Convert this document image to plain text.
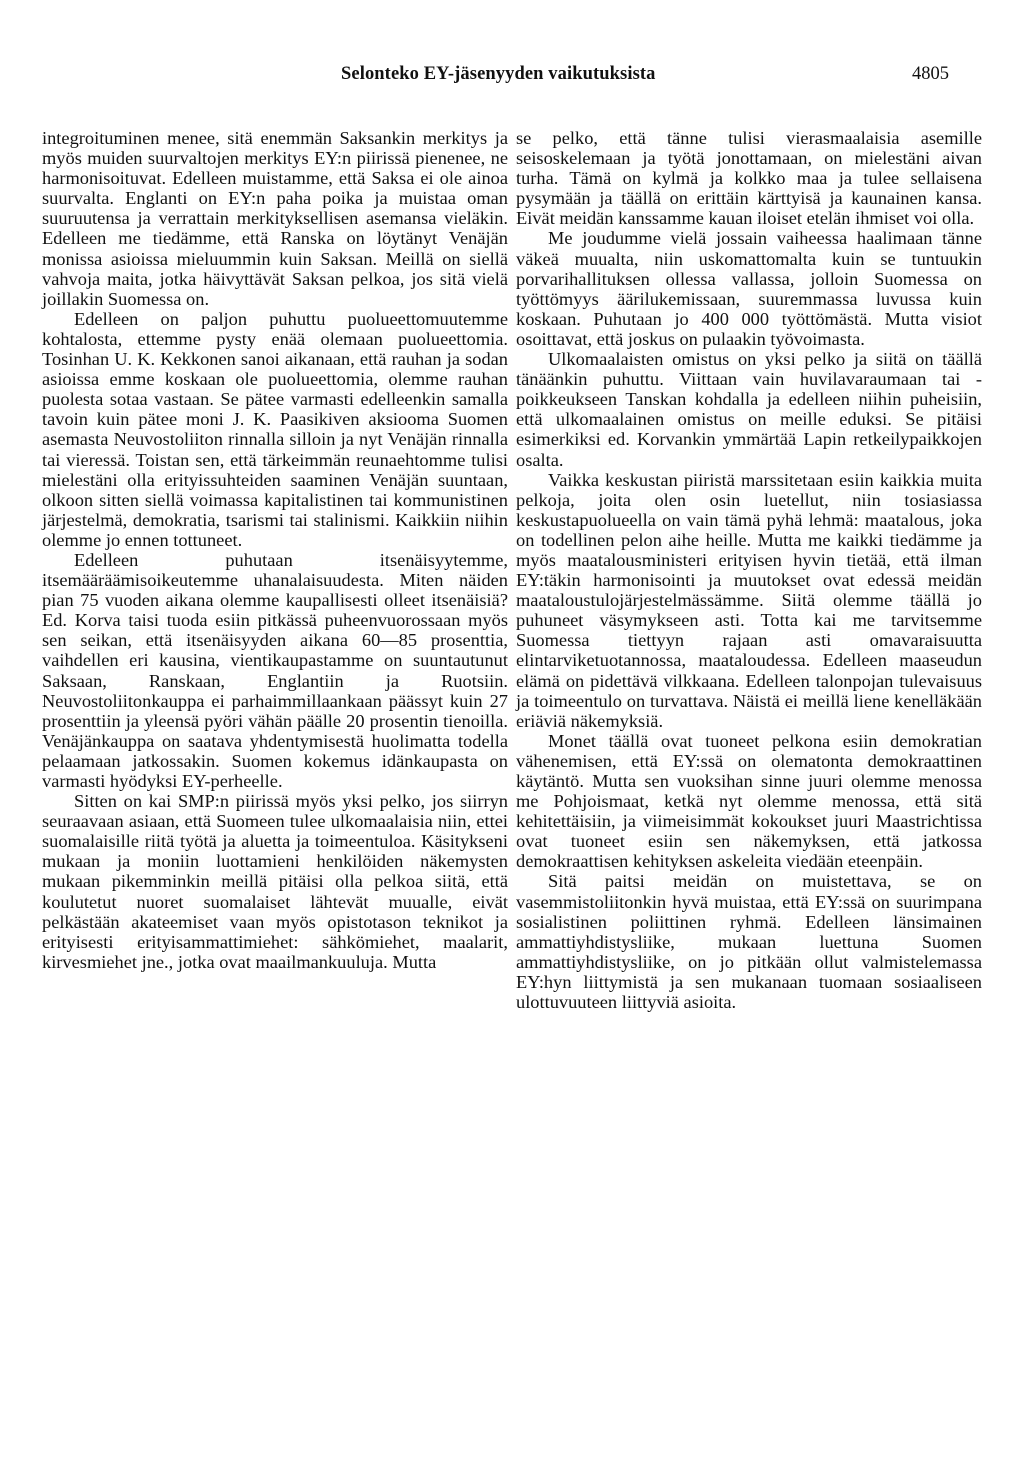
Selonteko EY-jäsenyyden vaikutuksista	4805

integroituminen menee, sitä enemmän Saksankin merkitys ja myös muiden suurvaltojen merkitys EY:n piirissä pienenee, ne harmonisoituvat. Edelleen muistamme, että Saksa ei ole ainoa suurvalta. Englanti on EY:n paha poika ja muistaa oman suuruutensa ja verrattain merkityksellisen asemansa vieläkin. Edelleen me tiedämme, että Ranska on löytänyt Venäjän monissa asioissa mieluummin kuin Saksan. Meillä on siellä vahvoja maita, jotka häivyttävät Saksan pelkoa, jos sitä vielä joillakin Suomessa on.

Edelleen on paljon puhuttu puolueettomuutemme kohtalosta, ettemme pysty enää olemaan puolueettomia. Tosinhan U. K. Kekkonen sanoi aikanaan, että rauhan ja sodan asioissa emme koskaan ole puolueettomia, olemme rauhan puolesta sotaa vastaan. Se pätee varmasti edelleenkin samalla tavoin kuin pätee moni J. K. Paasikiven aksiooma Suomen asemasta Neuvostoliiton rinnalla silloin ja nyt Venäjän rinnalla tai vieressä. Toistan sen, että tärkeimmän reunaehtomme tulisi mielestäni olla erityissuhteiden saaminen Venäjän suuntaan, olkoon sitten siellä voimassa kapitalistinen tai kommunistinen järjestelmä, demokratia, tsarismi tai stalinismi. Kaikkiin niihin olemme jo ennen tottuneet.

Edelleen puhutaan itsenäisyytemme, itsemääräämisoikeutemme uhanalaisuudesta. Miten näiden pian 75 vuoden aikana olemme kaupallisesti olleet itsenäisiä? Ed. Korva taisi tuoda esiin pitkässä puheenvuorossaan myös sen seikan, että itsenäisyyden aikana 60—85 prosenttia, vaihdellen eri kausina, vientikaupastamme on suuntautunut Saksaan, Ranskaan, Englantiin ja Ruotsiin. Neuvostoliitonkauppa ei parhaimmillaankaan päässyt kuin 27 prosenttiin ja yleensä pyöri vähän päälle 20 prosentin tienoilla. Venäjänkauppa on saatava yhdentymisestä huolimatta todella pelaamaan jatkossakin. Suomen kokemus idänkaupasta on varmasti hyödyksi EY-perheelle.

Sitten on kai SMP:n piirissä myös yksi pelko, jos siirryn seuraavaan asiaan, että Suomeen tulee ulkomaalaisia niin, ettei suomalaisille riitä työtä ja aluetta ja toimeentuloa. Käsitykseni mukaan ja moniin luottamieni henkilöiden näkemysten mukaan pikemminkin meillä pitäisi olla pelkoa siitä, että koulutetut nuoret suomalaiset lähtevät muualle, eivät pelkästään akateemiset vaan myös opistotason teknikot ja erityisesti erityisammattimiehet: sähkömiehet, maalarit, kirvesmiehet jne., jotka ovat maailmankuuluja. Mutta

se pelko, että tänne tulisi vierasmaalaisia asemille seisoskelemaan ja työtä jonottamaan, on mielestäni aivan turha. Tämä on kylmä ja kolkko maa ja tulee sellaisena pysymään ja täällä on erittäin kärttyisä ja kaunainen kansa. Eivät meidän kanssamme kauan iloiset etelän ihmiset voi olla.

Me joudumme vielä jossain vaiheessa haalimaan tänne väkeä muualta, niin uskomattomalta kuin se tuntuukin porvarihallituksen ollessa vallassa, jolloin Suomessa on työttömyys äärilukemissaan, suuremmassa luvussa kuin koskaan. Puhutaan jo 400 000 työttömästä. Mutta visiot osoittavat, että joskus on pulaakin työvoimasta.

Ulkomaalaisten omistus on yksi pelko ja siitä on täällä tänäänkin puhuttu. Viittaan vain huvilavaraumaan tai -poikkeukseen Tanskan kohdalla ja edelleen niihin puheisiin, että ulkomaalainen omistus on meille eduksi. Se pitäisi esimerkiksi ed. Korvankin ymmärtää Lapin retkeilypaikkojen osalta.

Vaikka keskustan piiristä marssitetaan esiin kaikkia muita pelkoja, joita olen osin luetellut, niin tosiasiassa keskustapuolueella on vain tämä pyhä lehmä: maatalous, joka on todellinen pelon aihe heille. Mutta me kaikki tiedämme ja myös maatalousministeri erityisen hyvin tietää, että ilman EY:täkin harmonisointi ja muutokset ovat edessä meidän maataloustulojärjestelmässämme. Siitä olemme täällä jo puhuneet väsymykseen asti. Totta kai me tarvitsemme Suomessa tiettyyn rajaan asti omavaraisuutta elintarviketuotannossa, maataloudessa. Edelleen maaseudun elämä on pidettävä vilkkaana. Edelleen talonpojan tulevaisuus ja toimeentulo on turvattava. Näistä ei meillä liene kenelläkään eriäviä näkemyksiä.

Monet täällä ovat tuoneet pelkona esiin demokratian vähenemisen, että EY:ssä on olematonta demokraattinen käytäntö. Mutta sen vuoksihan sinne juuri olemme menossa me Pohjoismaat, ketkä nyt olemme menossa, että sitä kehitettäisiin, ja viimeisimmät kokoukset juuri Maastrichtissa ovat tuoneet esiin sen näkemyksen, että jatkossa demokraattisen kehityksen askeleita viedään eteenpäin.

Sitä paitsi meidän on muistettava, se on vasemmistoliitonkin hyvä muistaa, että EY:ssä on suurimpana sosialistinen poliittinen ryhmä. Edelleen länsimainen ammattiyhdistysliike, mukaan luettuna Suomen ammattiyhdistysliike, on jo pitkään ollut valmistelemassa EY:hyn liittymistä ja sen mukanaan tuomaan sosiaaliseen ulottuvuuteen liittyviä asioita.
